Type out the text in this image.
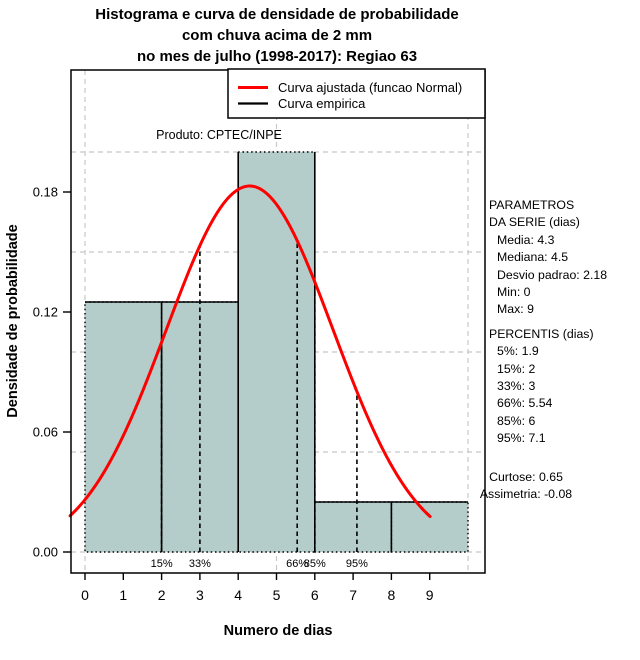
Histograma e curva de densidade de probabilidade
com chuva acima de 2 mm
no mes de julho (1998-2017): Regiao 63
0.00
0.06
0.12
0.18
0 1 2 3 4 5 6 7 8 9
15% 33%	66%
85% 95%
Produto: CPTEC/INPE
Numero de dias
Densidade de probabilidade
Curva ajustada (funcao Normal)
Curva empirica
PARAMETROS
DA SERIE (dias)
Media: 4.3
Mediana: 4.5
Desvio padrao: 2.18
Min: 0
Max: 9
PERCENTIS (dias)
5%: 1.9
15%: 2
33%: 3
66%: 5.54
85%: 6
95%: 7.1
Curtose: 0.65
Assimetria: -0.08
